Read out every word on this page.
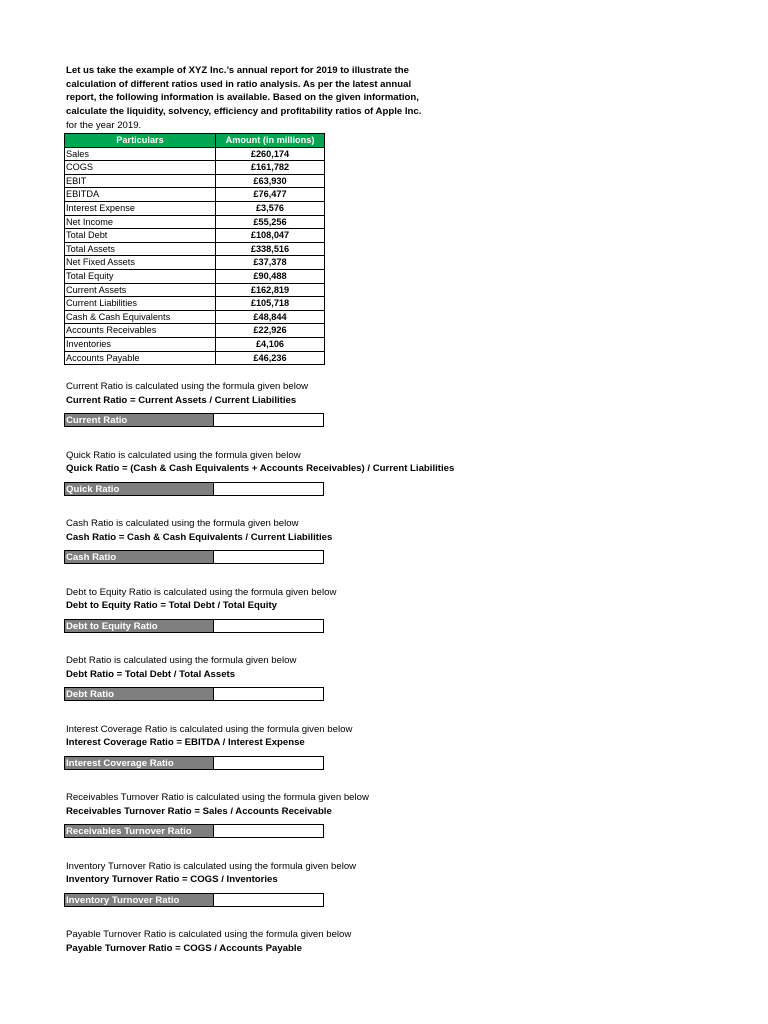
Let us take the example of XYZ Inc.’s annual report for 2019 to illustrate the
calculation of different ratios used in ratio analysis. As per the latest annual
report, the following information is available. Based on the given information,
calculate the liquidity, solvency, efficiency and profitability ratios of Apple Inc.
for the year 2019.
Particulars	Amount (in millions)
Sales	£260,174
COGS	£161,782
EBIT	£63,930
EBITDA	£76,477
Interest Expense	£3,576
Net Income	£55,256
Total Debt	£108,047
Total Assets	£338,516
Net Fixed Assets	£37,378
Total Equity	£90,488
Current Assets	£162,819
Current Liabilities	£105,718
Cash & Cash Equivalents	£48,844
Accounts Receivables	£22,926
Inventories	£4,106
Accounts Payable	£46,236
Current Ratio is calculated using the formula given below
Current Ratio = Current Assets / Current Liabilities
Current Ratio
Quick Ratio is calculated using the formula given below
Quick Ratio = (Cash & Cash Equivalents + Accounts Receivables) / Current Liabilities
Quick Ratio
Cash Ratio is calculated using the formula given below
Cash Ratio = Cash & Cash Equivalents / Current Liabilities
Cash Ratio
Debt to Equity Ratio is calculated using the formula given below
Debt to Equity Ratio = Total Debt / Total Equity
Debt to Equity Ratio
Debt Ratio is calculated using the formula given below
Debt Ratio = Total Debt / Total Assets
Debt Ratio
Interest Coverage Ratio is calculated using the formula given below
Interest Coverage Ratio = EBITDA / Interest Expense
Interest Coverage Ratio
Receivables Turnover Ratio is calculated using the formula given below
Receivables Turnover Ratio = Sales / Accounts Receivable
Receivables Turnover Ratio
Inventory Turnover Ratio is calculated using the formula given below
Inventory Turnover Ratio = COGS / Inventories
Inventory Turnover Ratio
Payable Turnover Ratio is calculated using the formula given below
Payable Turnover Ratio = COGS / Accounts Payable
